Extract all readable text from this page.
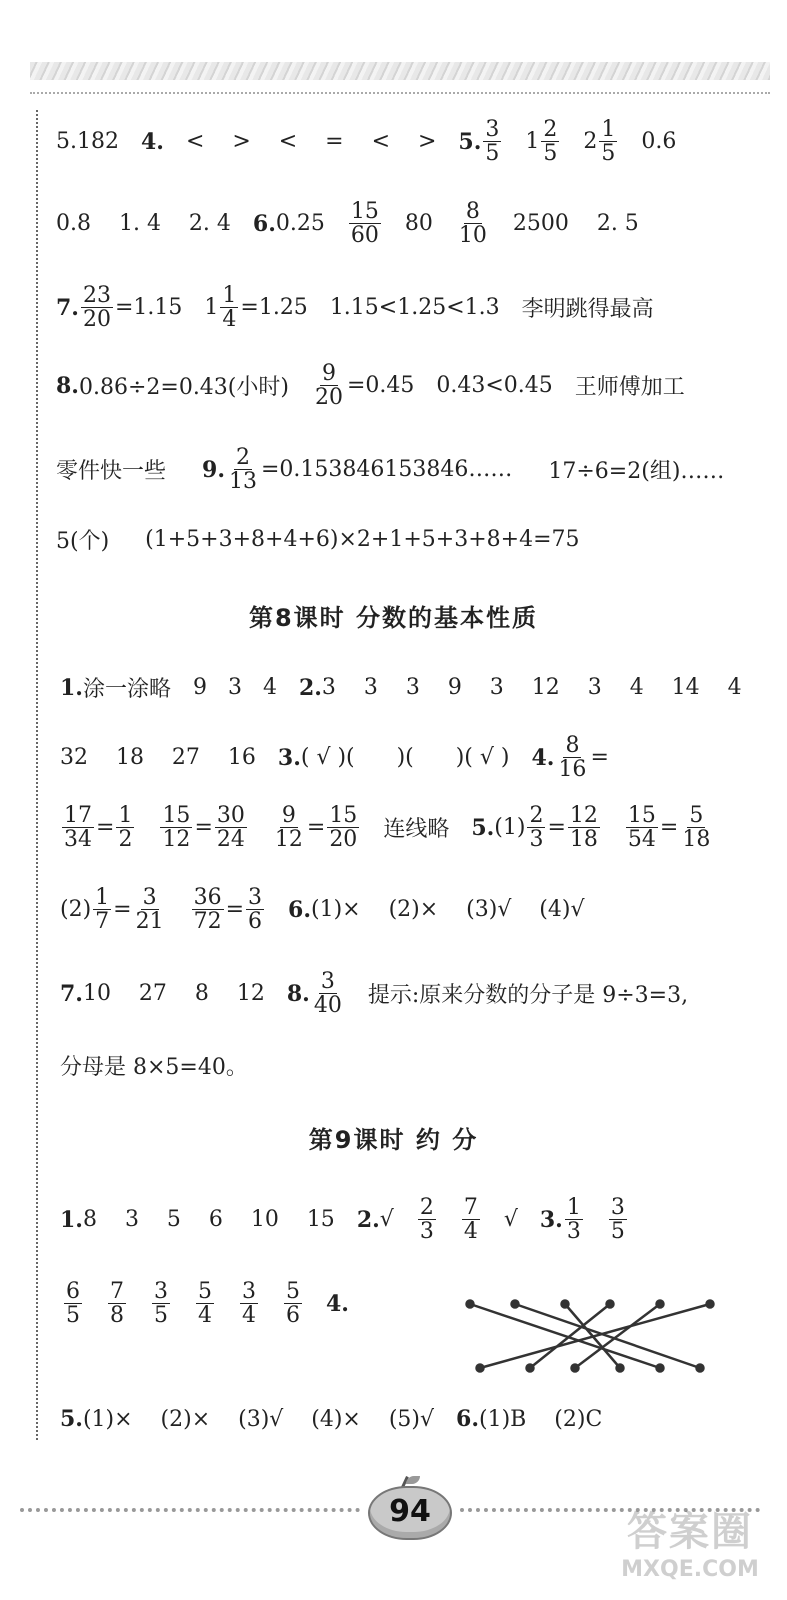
5.182 4. <    >    <    =    <    > 5. $\frac{3}{5} 1 \frac{2}{5} 2 \frac{1}{5} 0.6$
0.8    1. 4    2. 4 6. $0.25 \frac{15}{60} 80 \frac{8}{10} 2500$    2. 5
7. $\frac{23}{20} =1.15$ $1 \frac{1}{4} =1.25$ 1.15<1.25<1.3 李明跳得最高
8. 0.86÷2=0.43(小时) $\frac{9}{20} =0.45$ 0.43<0.45 王师傅加工
零件快一些 9. $\frac{2}{13}$ =0.153846153846…… 17÷6=2(组)……
5(个) (1+5+3+8+4+6)×2+1+5+3+8+4=75
第8课时 分数的基本性质
1. 涂一涂略 9   3   4 2. 3    3    3    9    3    12    3    4    14    4
32    18    27    16 3. ( √ )(      )(      )( √ ) 4. $\frac{8}{16}$ =
$\frac{17}{34} = \frac{1}{2} \frac{15}{12} = \frac{30}{24} \frac{9}{12} = \frac{15}{20}$ 连线略 5. $(1) \frac{2}{3} = \frac{12}{18} \frac{15}{54} = \frac{5}{18}$
$(2) \frac{1}{7} = \frac{3}{21} \frac{36}{72} = \frac{3}{6} 6$. (1)×    (2)×    (3)√    (4)√
7. 10    27    8    12 8. $\frac{3}{40}$ 提示:原来分数的分子是 9÷3=3,
分母是 8×5=40。
第9课时 约 分
1. 8    3    5    6    10    15 2. √ $\frac{2}{3} \frac{7}{4}$ √ 3. $\frac{1}{3} \frac{3}{5}$
$\frac{6}{5} \frac{7}{8} \frac{3}{5} \frac{5}{4} \frac{3}{4} \frac{5}{6} 4$.
5. (1)×    (2)×    (3)√    (4)×    (5)√ 6. (1)B    (2)C
94	答案圈
MXQE.COM
